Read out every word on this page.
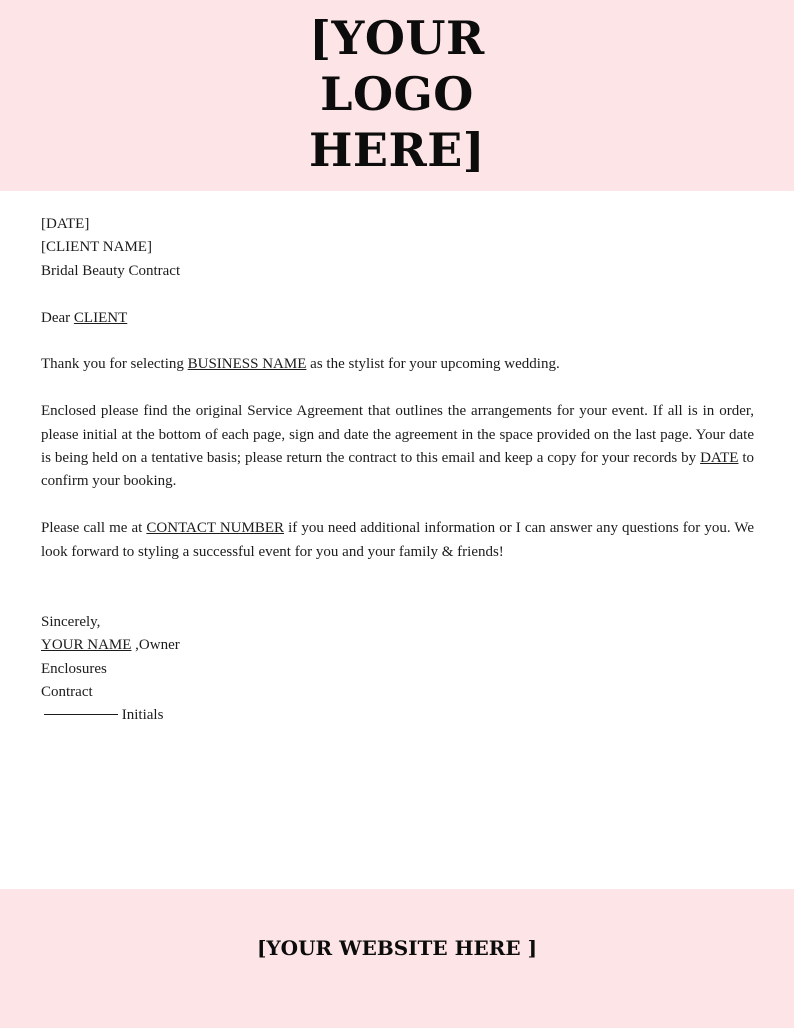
[YOUR
LOGO
HERE]

[DATE]

[CLIENT NAME]

Bridal Beauty Contract

Dear CLIENT

Thank you for selecting BUSINESS NAME as the stylist for your upcoming wedding.

Enclosed please find the original Service Agreement that outlines the arrangements for your event. If all is in order, please initial at the bottom of each page, sign and date the agreement in the space provided on the last page. Your date is being held on a tentative basis; please return the contract to this email and keep a copy for your records by DATE to confirm your booking.

Please call me at CONTACT NUMBER if you need additional information or I can answer any questions for you. We look forward to styling a successful event for you and your family & friends!

Sincerely,

YOUR NAME ,Owner

Enclosures

Contract

Initials

[YOUR WEBSITE HERE ]
